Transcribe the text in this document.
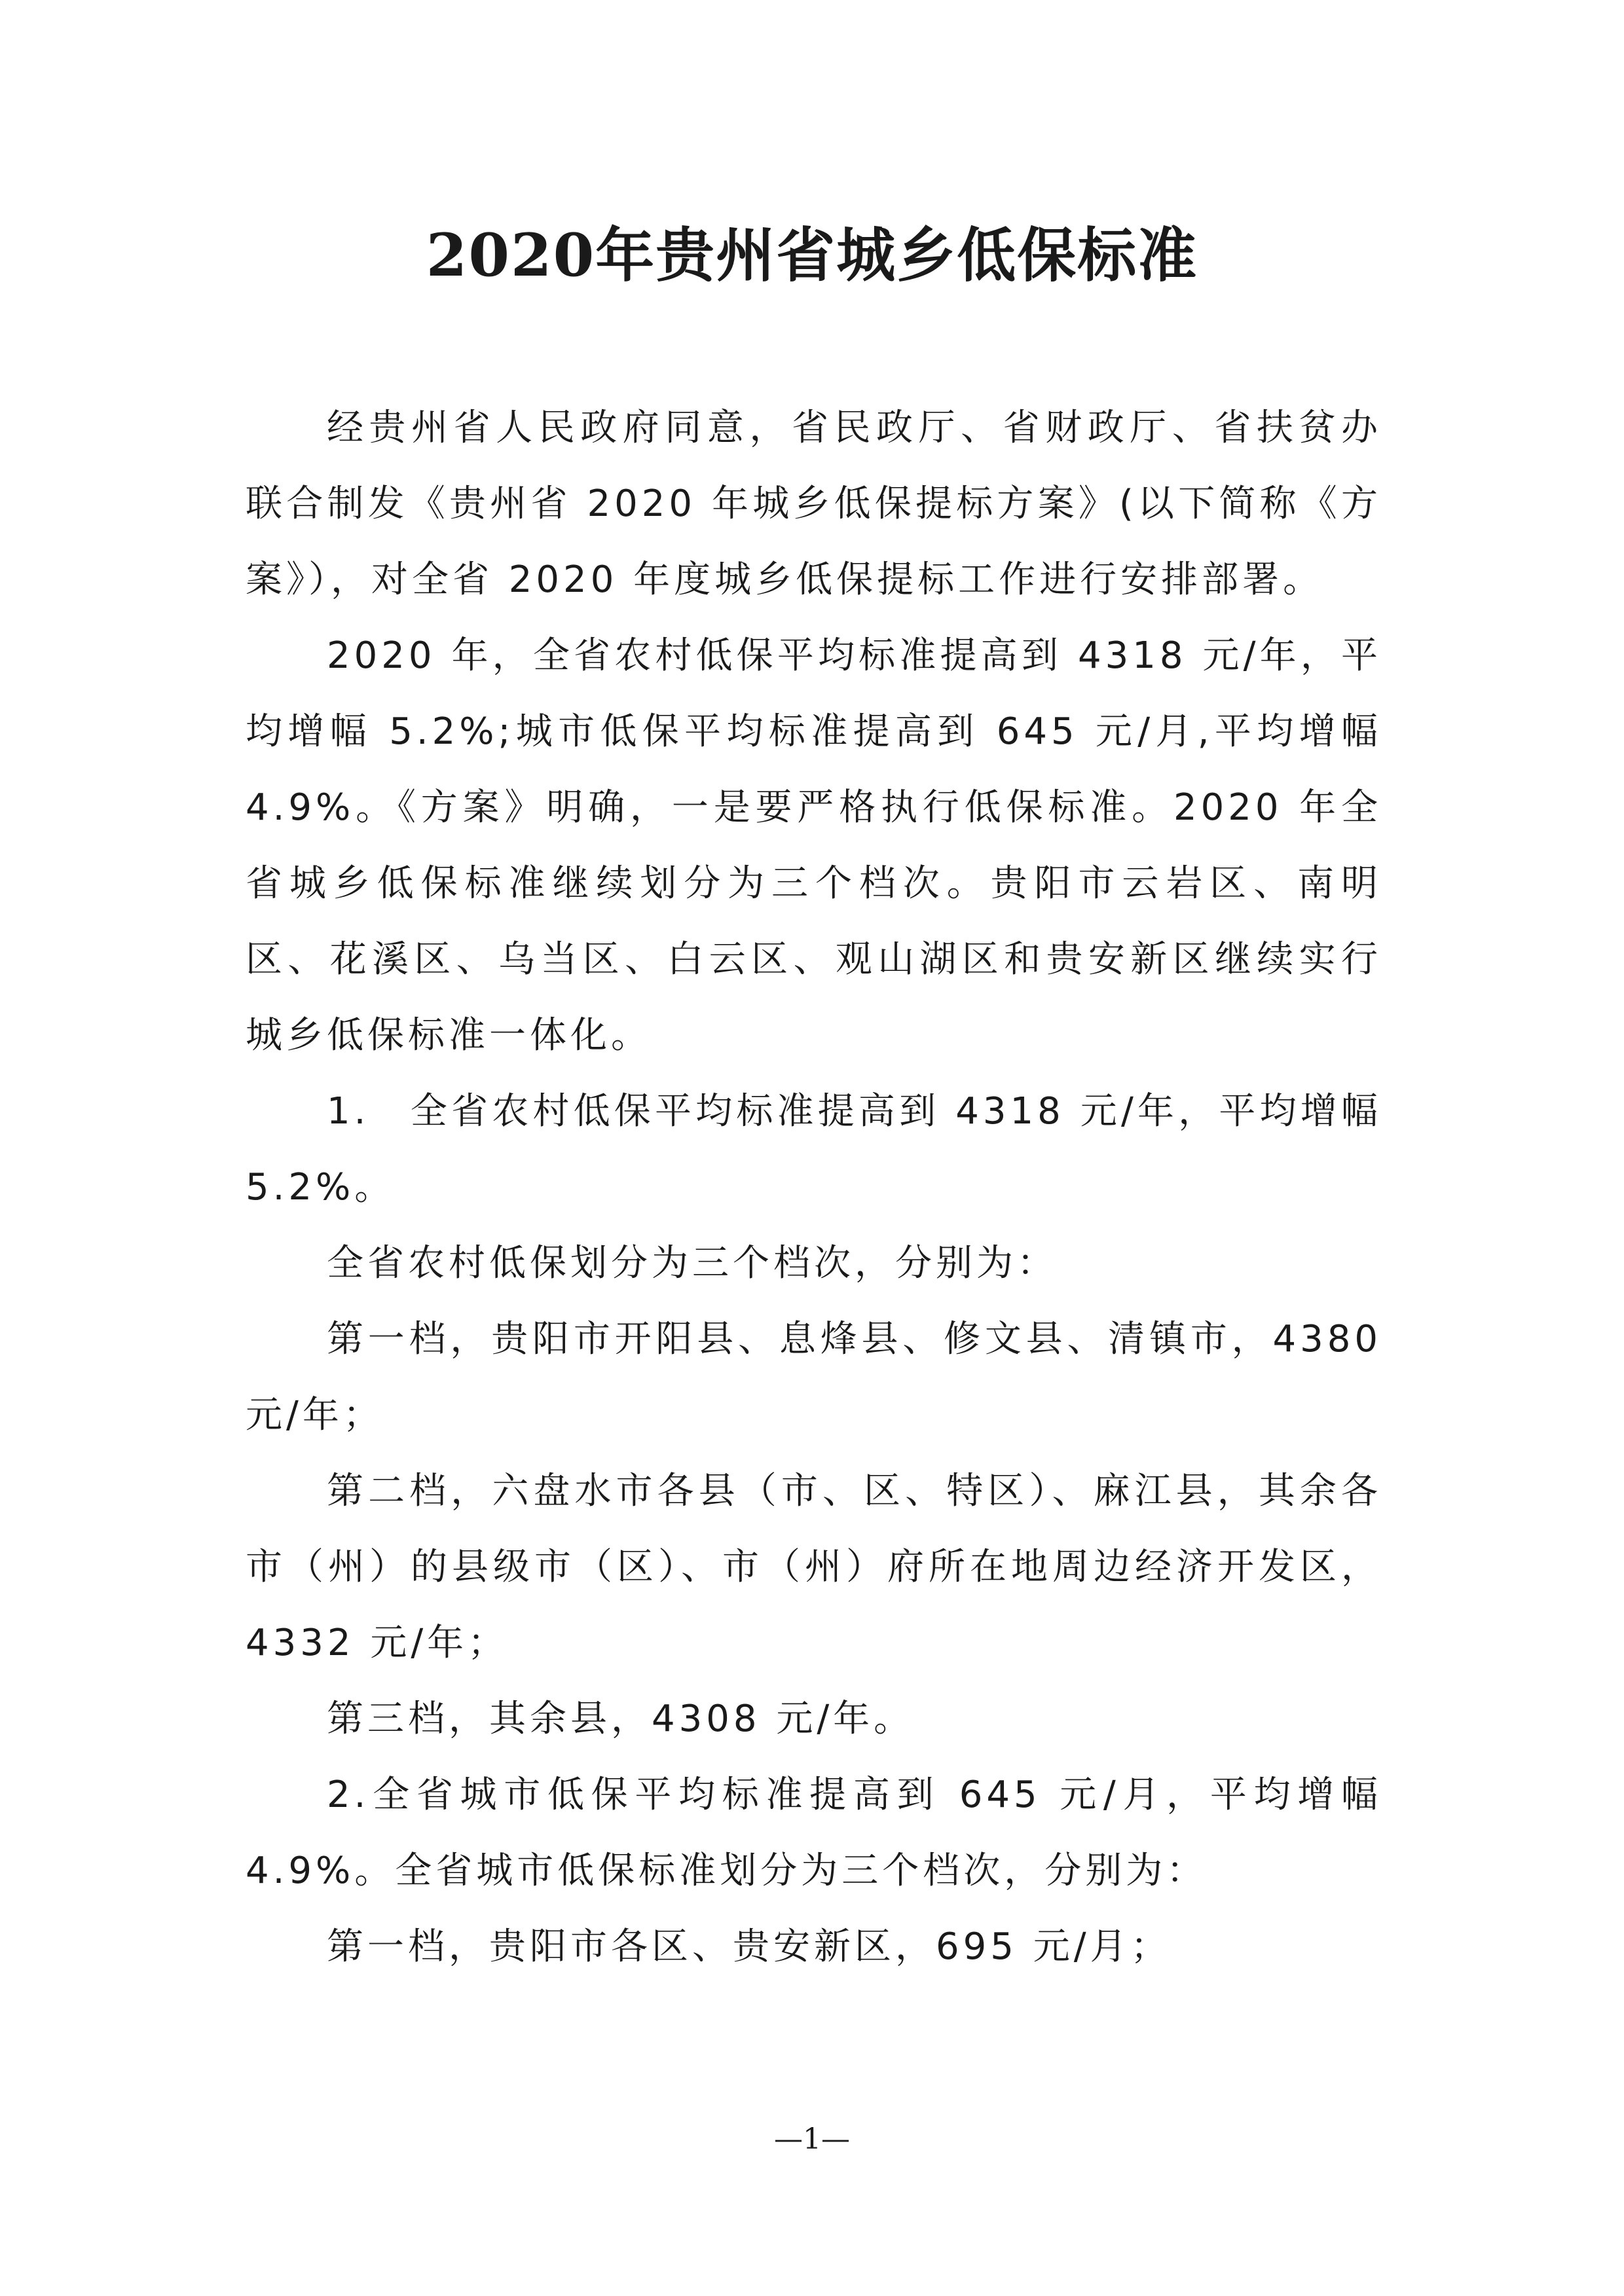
2020年贵州省城乡低保标准

经贵州省人民政府同意，省民政厅、省财政厅、省扶贫办联合制发《贵州省 2020 年城乡低保提标方案》(以下简称《方案》），对全省 2020 年度城乡低保提标工作进行安排部署。

2020 年，全省农村低保平均标准提高到 4318 元/年，平均增幅 5.2%;城市低保平均标准提高到 645 元/月,平均增幅 4.9%。《方案》明确，一是要严格执行低保标准。2020 年全省城乡低保标准继续划分为三个档次。贵阳市云岩区、南明区、花溪区、乌当区、白云区、观山湖区和贵安新区继续实行城乡低保标准一体化。

1.　全省农村低保平均标准提高到 4318 元/年，平均增幅 5.2%。

全省农村低保划分为三个档次，分别为：

第一档，贵阳市开阳县、息烽县、修文县、清镇市，4380 元/年；

第二档，六盘水市各县（市、区、特区）、麻江县，其余各市（州）的县级市（区）、市（州）府所在地周边经济开发区，4332 元/年；

第三档，其余县，4308 元/年。

2.全省城市低保平均标准提高到 645 元/月，平均增幅 4.9%。全省城市低保标准划分为三个档次，分别为：

第一档，贵阳市各区、贵安新区，695 元/月；

—1—
